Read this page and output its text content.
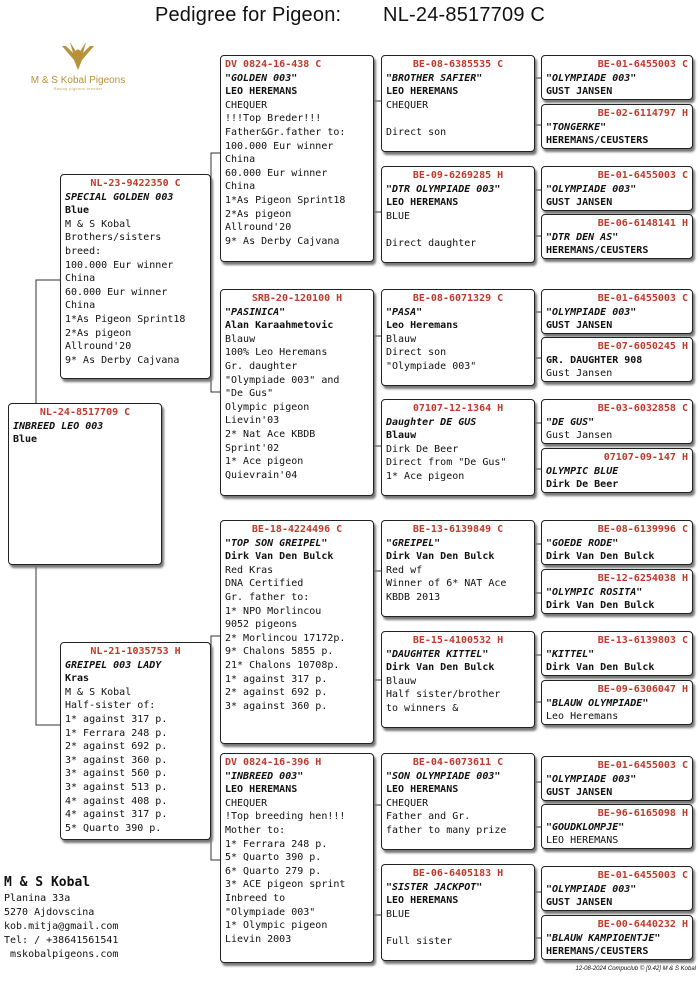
Pedigree for Pigeon: NL-24-8517709 C
M & S Kobal Pigeons
Racing pigeons breeder
NL-24-8517709 C
INBREED LEO 003
Blue
NL-23-9422350 C
SPECIAL GOLDEN 003
Blue
M & S Kobal
Brothers/sisters
breed:
100.000 Eur winner
China
60.000 Eur winner
China
1*As Pigeon Sprint18
2*As pigeon
Allround'20
9* As Derby Cajvana
NL-21-1035753 H
GREIPEL 003 LADY
Kras
M & S Kobal
Half-sister of:
1* against 317 p.
1* Ferrara 248 p.
2* against 692 p.
3* against 360 p.
3* against 560 p.
3* against 513 p.
4* against 408 p.
4* against 317 p.
5* Quarto 390 p.
DV 0824-16-438 C
"GOLDEN 003"
LEO HEREMANS
CHEQUER
!!!Top Breder!!!
Father&Gr.father to:
100.000 Eur winner
China
60.000 Eur winner
China
1*As Pigeon Sprint18
2*As pigeon
Allround'20
9* As Derby Cajvana
SRB-20-120100 H
"PASINICA"
Alan Karaahmetovic
Blauw
100% Leo Heremans
Gr. daughter
"Olympiade 003" and
"De Gus"
Olympic pigeon
Lievin'03
2* Nat Ace KBDB
Sprint'02
1* Ace pigeon
Quievrain'04
BE-18-4224496 C
"TOP SON GREIPEL"
Dirk Van Den Bulck
Red Kras
DNA Certified
Gr. father to:
1* NPO Morlincou
9052 pigeons
2* Morlincou 17172p.
9* Chalons 5855 p.
21* Chalons 10708p.
1* against 317 p.
2* against 692 p.
3* against 360 p.
DV 0824-16-396 H
"INBREED 003"
LEO HEREMANS
CHEQUER
!Top breeding hen!!!
Mother to:
1* Ferrara 248 p.
5* Quarto 390 p.
6* Quarto 279 p.
3* ACE pigeon sprint
Inbreed to
"Olympiade 003"
1* Olympic pigeon
Lievin 2003
BE-08-6385535 C
"BROTHER SAFIER"
LEO HEREMANS
CHEQUER

Direct son
BE-09-6269285 H
"DTR OLYMPIADE 003"
LEO HEREMANS
BLUE

Direct daughter
BE-08-6071329 C
"PASA"
Leo Heremans
Blauw
Direct son
"Olympiade 003"
07107-12-1364 H
Daughter DE GUS
Blauw
Dirk De Beer
Direct from "De Gus"
1* Ace pigeon
BE-13-6139849 C
"GREIPEL"
Dirk Van Den Bulck
Red wf
Winner of 6* NAT Ace
KBDB 2013
BE-15-4100532 H
"DAUGHTER KITTEL"
Dirk Van Den Bulck
Blauw
Half sister/brother
to winners &
BE-04-6073611 C
"SON OLYMPIADE 003"
LEO HEREMANS
CHEQUER
Father and Gr.
father to many prize
BE-06-6405183 H
"SISTER JACKPOT"
LEO HEREMANS
BLUE

Full sister
BE-01-6455003 C
"OLYMPIADE 003"
GUST JANSEN
BE-02-6114797 H
"TONGERKE"
HEREMANS/CEUSTERS
BE-01-6455003 C
"OLYMPIADE 003"
GUST JANSEN
BE-06-6148141 H
"DTR DEN AS"
HEREMANS/CEUSTERS
BE-01-6455003 C
"OLYMPIADE 003"
GUST JANSEN
BE-07-6050245 H
GR. DAUGHTER 908
Gust Jansen
BE-03-6032858 C
"DE GUS"
Gust Jansen
07107-09-147 H
OLYMPIC BLUE
Dirk De Beer
BE-08-6139996 C
"GOEDE RODE"
Dirk Van Den Bulck
BE-12-6254038 H
"OLYMPIC ROSITA"
Dirk Van Den Bulck
BE-13-6139803 C
"KITTEL"
Dirk Van Den Bulck
BE-09-6306047 H
"BLAUW OLYMPIADE"
Leo Heremans
BE-01-6455003 C
"OLYMPIADE 003"
GUST JANSEN
BE-96-6165098 H
"GOUDKLOMPJE"
LEO HEREMANS
BE-01-6455003 C
"OLYMPIADE 003"
GUST JANSEN
BE-00-6440232 H
"BLAUW KAMPIOENTJE"
HEREMANS/CEUSTERS
M & S Kobal
Planina 33a
5270 Ajdovscina
kob.mitja@gmail.com
Tel: / +38641561541
mskobalpigeons.com
12-08-2024 Compuclub © [9.42] M & S Kobal
